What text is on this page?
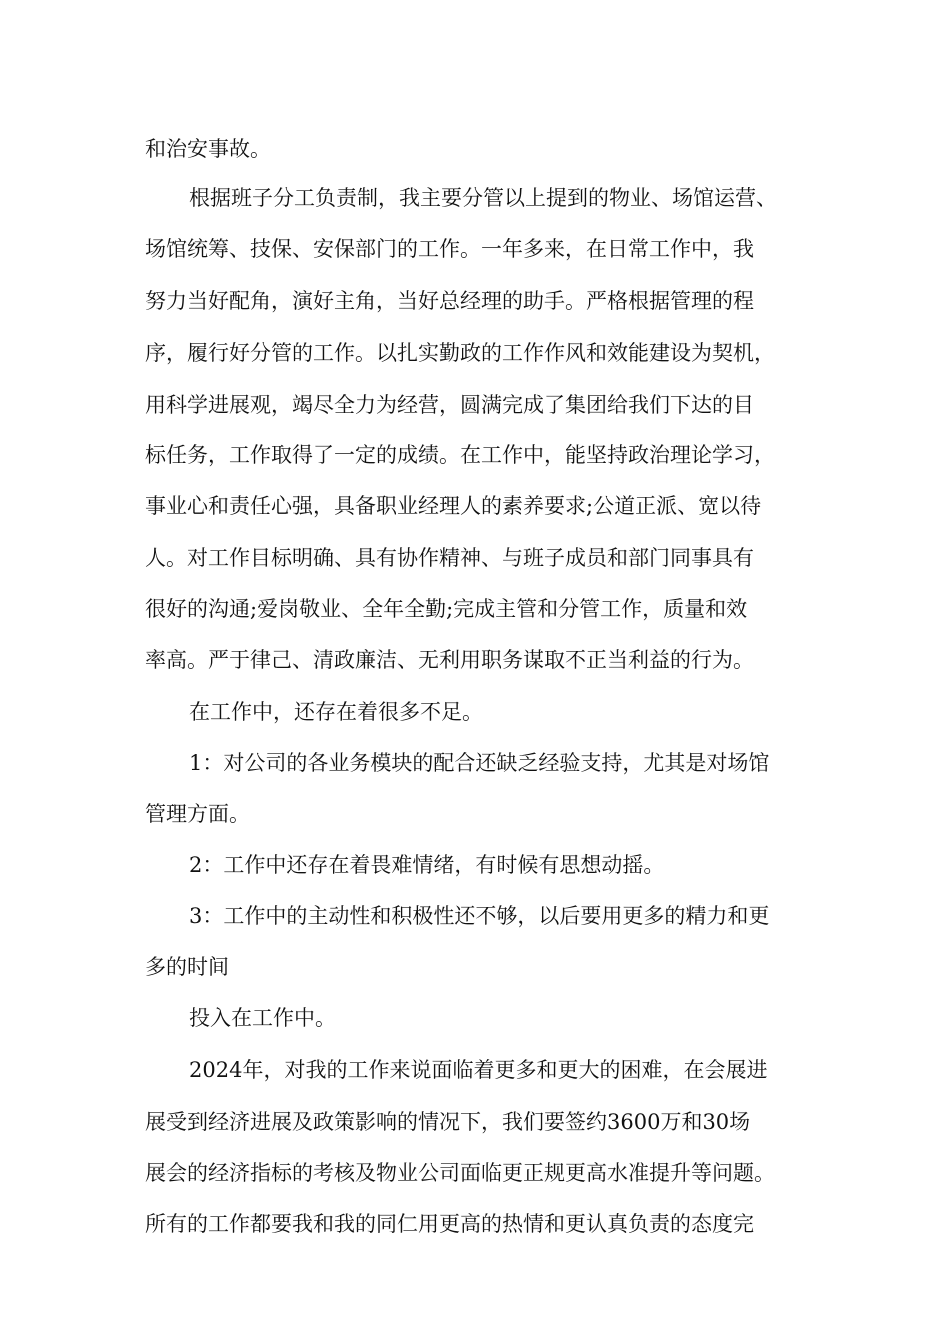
和治安事故。

根据班子分工负责制，我主要分管以上提到的物业、场馆运营、

场馆统筹、技保、安保部门的工作。一年多来，在日常工作中，我

努力当好配角，演好主角，当好总经理的助手。严格根据管理的程

序，履行好分管的工作。以扎实勤政的工作作风和效能建设为契机，

用科学进展观，竭尽全力为经营，圆满完成了集团给我们下达的目

标任务，工作取得了一定的成绩。在工作中，能坚持政治理论学习，

事业心和责任心强，具备职业经理人的素养要求;公道正派、宽以待

人。对工作目标明确、具有协作精神、与班子成员和部门同事具有

很好的沟通;爱岗敬业、全年全勤;完成主管和分管工作，质量和效

率高。严于律己、清政廉洁、无利用职务谋取不正当利益的行为。

在工作中，还存在着很多不足。

1：对公司的各业务模块的配合还缺乏经验支持，尤其是对场馆

管理方面。

2：工作中还存在着畏难情绪，有时候有思想动摇。

3：工作中的主动性和积极性还不够，以后要用更多的精力和更

多的时间

投入在工作中。

2024年，对我的工作来说面临着更多和更大的困难，在会展进

展受到经济进展及政策影响的情况下，我们要签约3600万和30场

展会的经济指标的考核及物业公司面临更正规更高水准提升等问题。

所有的工作都要我和我的同仁用更高的热情和更认真负责的态度完
